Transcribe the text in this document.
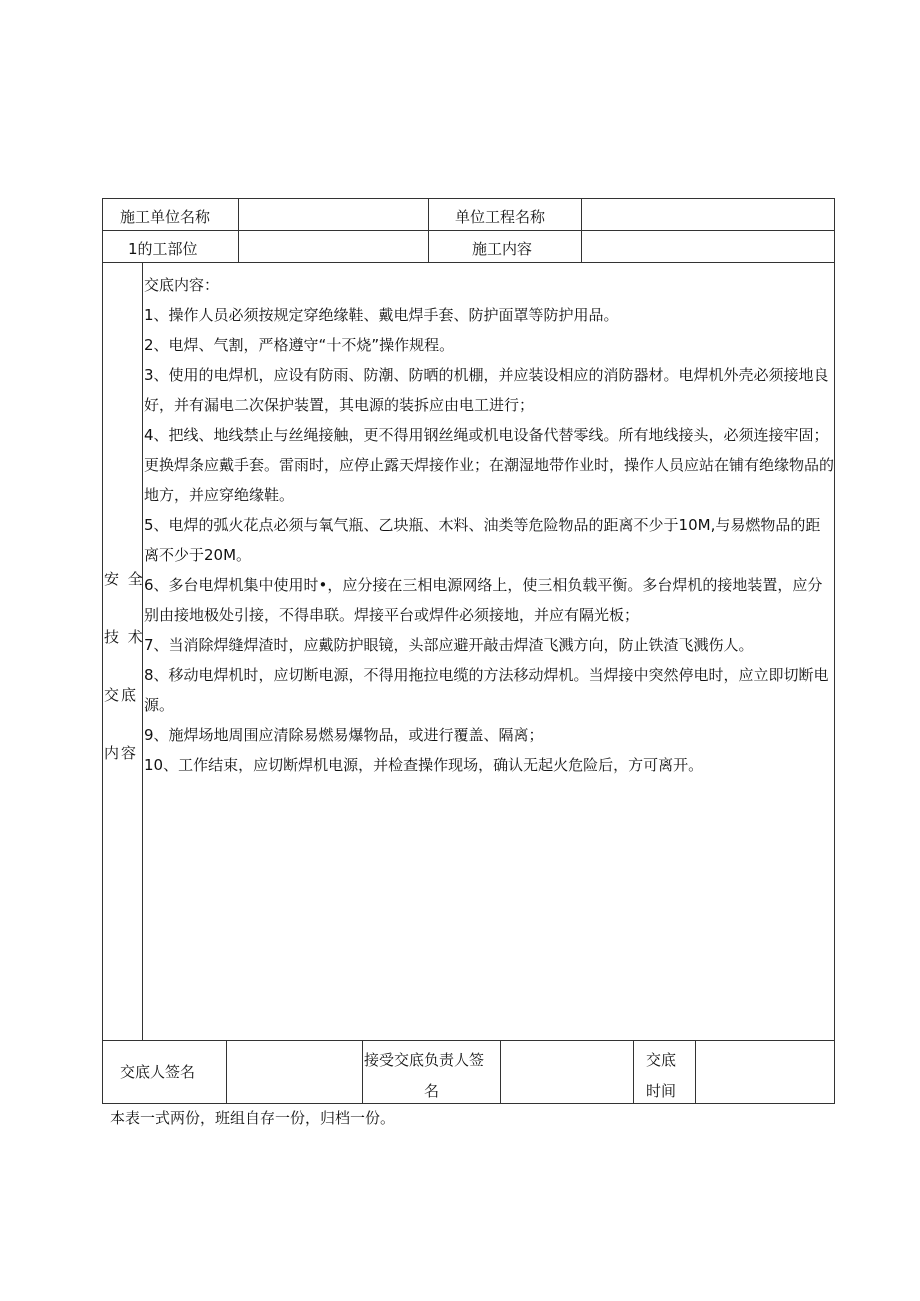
施工单位名称	单位工程名称
1的工部位	施工内容
安 全
技 术
交底
内容

交底内容：

1、操作人员必须按规定穿绝缘鞋、戴电焊手套、防护面罩等防护用品。

2、电焊、气割，严格遵守“十不烧”操作规程。

3、使用的电焊机，应设有防雨、防潮、防晒的机棚，并应装设相应的消防器材。电焊机外壳必须接地良好，并有漏电二次保护装置，其电源的装拆应由电工进行；

4、把线、地线禁止与丝绳接触，更不得用钢丝绳或机电设备代替零线。所有地线接头，必须连接牢固；更换焊条应戴手套。雷雨时，应停止露天焊接作业；在潮湿地带作业时，操作人员应站在铺有绝缘物品的地方，并应穿绝缘鞋。

5、电焊的弧火花点必须与氧气瓶、乙块瓶、木料、油类等危险物品的距离不少于10M,与易燃物品的距离不少于20M。

6、多台电焊机集中使用时•，应分接在三相电源网络上，使三相负载平衡。多台焊机的接地装置，应分别由接地极处引接，不得串联。焊接平台或焊件必须接地，并应有隔光板；

7、当消除焊缝焊渣时，应戴防护眼镜，头部应避开敲击焊渣飞溅方向，防止铁渣飞溅伤人。

8、移动电焊机时，应切断电源，不得用拖拉电缆的方法移动焊机。当焊接中突然停电时，应立即切断电源。

9、施焊场地周围应清除易燃易爆物品，或进行覆盖、隔离；

10、工作结束，应切断焊机电源，并检查操作现场，确认无起火危险后，方可离开。

交底人签名
接受交底负责人签
名
交底
时间
本表一式两份，班组自存一份，归档一份。
